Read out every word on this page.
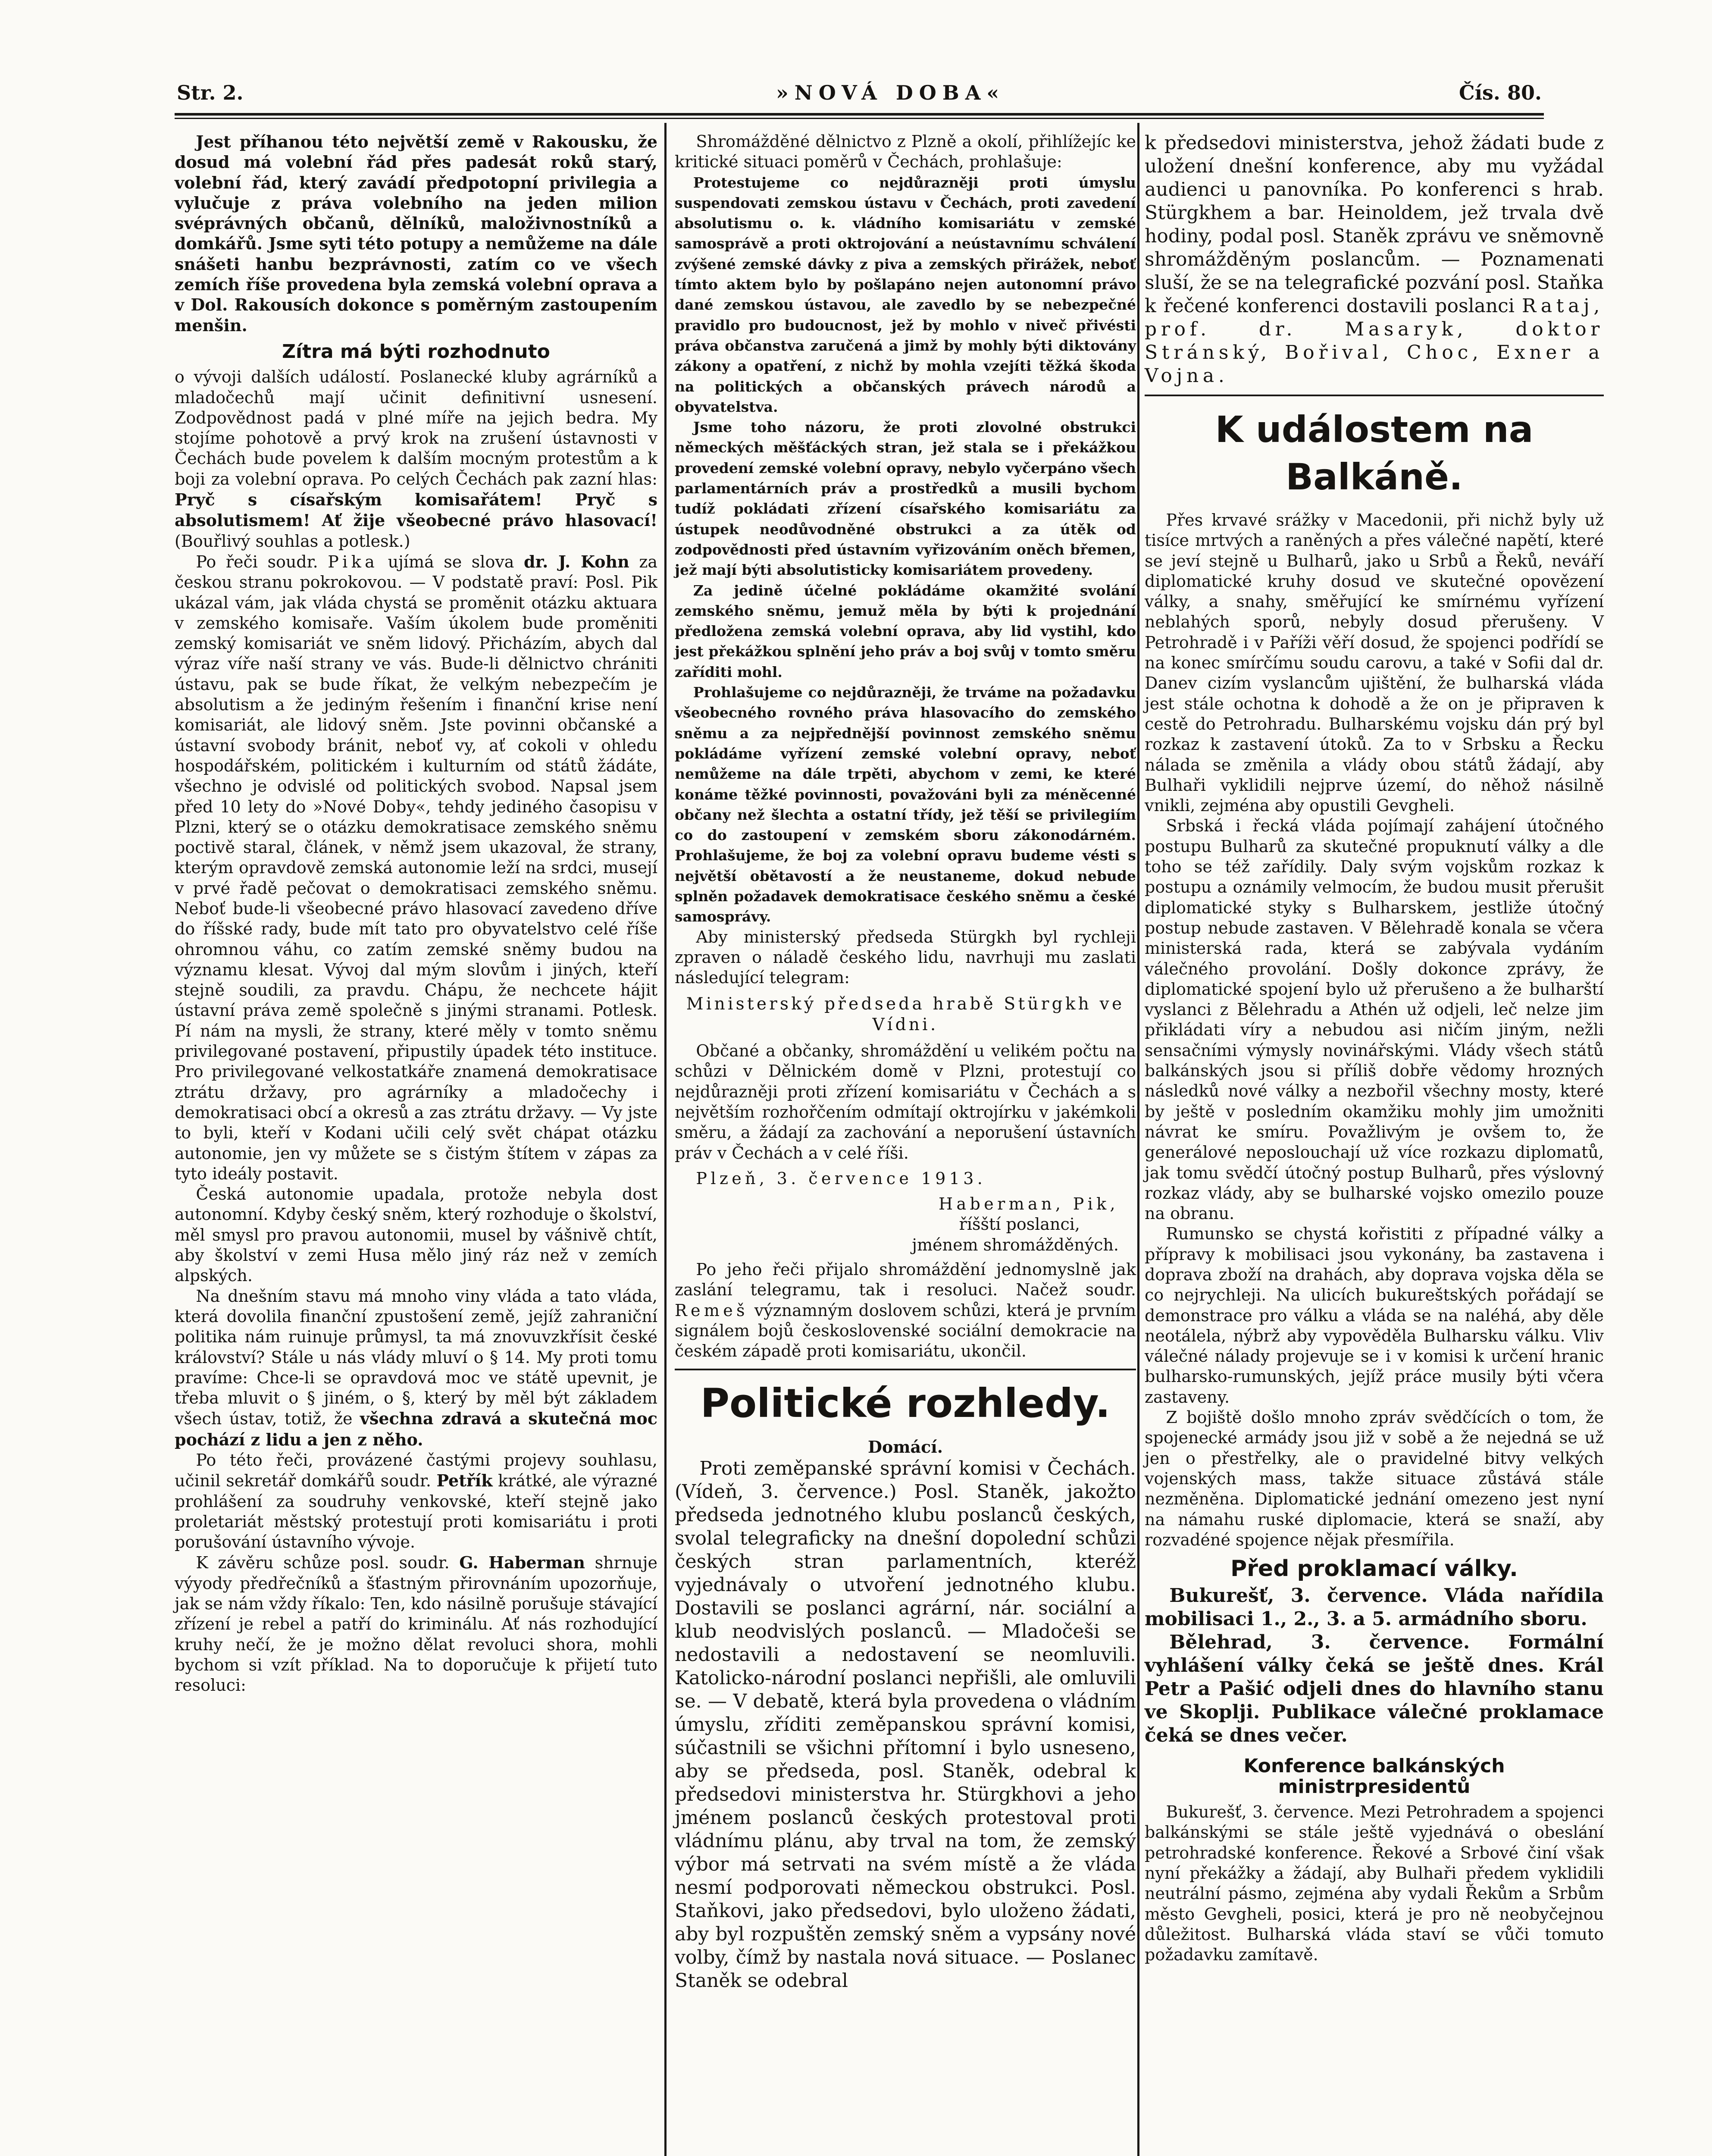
Str. 2.	»NOVÁ DOBA«	Čís. 80.

Jest příhanou této největší země v Rakousku, že dosud má volební řád přes padesát roků starý, volební řád, který zavádí předpotopní privilegia a vylučuje z práva volebního na jeden milion svéprávných občanů, dělníků, maloživnostníků a domkářů. Jsme syti této potupy a nemůžeme na dále snášeti hanbu bezprávnosti, zatím co ve všech zemích říše provedena byla zemská volební oprava a v Dol. Rakousích dokonce s poměrným zastoupením menšin.

Zítra má býti rozhodnuto

o vývoji dalších událostí. Poslanecké kluby agrárníků a mladočechů mají učinit definitivní usnesení. Zodpovědnost padá v plné míře na jejich bedra. My stojíme pohotově a prvý krok na zrušení ústavnosti v Čechách bude povelem k dalším mocným protestům a k boji za volební oprava. Po celých Čechách pak zazní hlas: Pryč s císařským komisařátem! Pryč s absolutismem! Ať žije všeobecné právo hlasovací! (Bouřlivý souhlas a potlesk.)

Po řeči soudr. Pika ujímá se slova dr. J. Kohn za českou stranu pokrokovou. — V podstatě praví: Posl. Pik ukázal vám, jak vláda chystá se proměnit otázku aktuara v zemského komisaře. Vaším úkolem bude proměniti zemský komisariát ve sněm lidový. Přicházím, abych dal výraz víře naší strany ve vás. Bude-li dělnictvo chrániti ústavu, pak se bude říkat, že velkým nebezpečím je absolutism a že jediným řešením i finanční krise není komisariát, ale lidový sněm. Jste povinni občanské a ústavní svobody bránit, neboť vy, ať cokoli v ohledu hospodářském, politickém i kulturním od států žádáte, všechno je odvislé od politických svobod. Napsal jsem před 10 lety do »Nové Doby«, tehdy jediného časopisu v Plzni, který se o otázku demokratisace zemského sněmu poctivě staral, článek, v němž jsem ukazoval, že strany, kterým opravdově zemská autonomie leží na srdci, musejí v prvé řadě pečovat o demokratisaci zemského sněmu. Neboť bude-li všeobecné právo hlasovací zavedeno dříve do říšské rady, bude mít tato pro obyvatelstvo celé říše ohromnou váhu, co zatím zemské sněmy budou na významu klesat. Vývoj dal mým slovům i jiných, kteří stejně soudili, za pravdu. Chápu, že nechcete hájit ústavní práva země společně s jinými stranami. Potlesk. Pí nám na mysli, že strany, které měly v tomto sněmu privilegované postavení, připustily úpadek této instituce. Pro privilegované velkostatkáře znamená demokratisace ztrátu državy, pro agrárníky a mladočechy i demokratisaci obcí a okresů a zas ztrátu državy. — Vy jste to byli, kteří v Kodani učili celý svět chápat otázku autonomie, jen vy můžete se s čistým štítem v zápas za tyto ideály postavit.

Česká autonomie upadala, protože nebyla dost autonomní. Kdyby český sněm, který rozhoduje o školství, měl smysl pro pravou autonomii, musel by vášnivě chtít, aby školství v zemi Husa mělo jiný ráz než v zemích alpských.

Na dnešním stavu má mnoho viny vláda a tato vláda, která dovolila finanční zpustošení země, jejíž zahraniční politika nám ruinuje průmysl, ta má znovuvzkřísit české království? Stále u nás vlády mluví o § 14. My proti tomu pravíme: Chce-li se opravdová moc ve státě upevnit, je třeba mluvit o § jiném, o §, který by měl být základem všech ústav, totiž, že všechna zdravá a skutečná moc pochází z lidu a jen z něho.

Po této řeči, provázené častými projevy souhlasu, učinil sekretář domkářů soudr. Petřík krátké, ale výrazné prohlášení za soudruhy venkovské, kteří stejně jako proletariát městský protestují proti komisariátu i proti porušování ústavního vývoje.

K závěru schůze posl. soudr. G. Haberman shrnuje výyody předřečníků a šťastným přirovnáním upozorňuje, jak se nám vždy říkalo: Ten, kdo násilně porušuje stávající zřízení je rebel a patří do kriminálu. Ať nás rozhodující kruhy nečí, že je možno dělat revoluci shora, mohli bychom si vzít příklad. Na to doporučuje k přijetí tuto resoluci:

Shromážděné dělnictvo z Plzně a okolí, přihlížejíc ke kritické situaci poměrů v Čechách, prohlašuje:

Protestujeme co nejdůrazněji proti úmyslu suspendovati zemskou ústavu v Čechách, proti zavedení absolutismu o. k. vládního komisariátu v zemské samosprávě a proti oktrojování a neústavnímu schválení zvýšené zemské dávky z piva a zemských přirážek, neboť tímto aktem bylo by pošlapáno nejen autonomní právo dané zemskou ústavou, ale zavedlo by se nebezpečné pravidlo pro budoucnost, jež by mohlo v niveč přivésti práva občanstva zaručená a jimž by mohly býti diktovány zákony a opatření, z nichž by mohla vzejíti těžká škoda na politických a občanských právech národů a obyvatelstva.

Jsme toho názoru, že proti zlovolné obstrukci německých měšťáckých stran, jež stala se i překážkou provedení zemské volební opravy, nebylo vyčerpáno všech parlamentárních práv a prostředků a musili bychom tudíž pokládati zřízení císařského komisariátu za ústupek neodůvodněné obstrukci a za útěk od zodpovědnosti před ústavním vyřizováním oněch břemen, jež mají býti absolutisticky komisariátem provedeny.

Za jedině účelné pokládáme okamžité svolání zemského sněmu, jemuž měla by býti k projednání předložena zemská volební oprava, aby lid vystihl, kdo jest překážkou splnění jeho práv a boj svůj v tomto směru zaříditi mohl.

Prohlašujeme co nejdůrazněji, že trváme na požadavku všeobecného rovného práva hlasovacího do zemského sněmu a za nejpřednější povinnost zemského sněmu pokládáme vyřízení zemské volební opravy, neboť nemůžeme na dále trpěti, abychom v zemi, ke které konáme těžké povinnosti, považováni byli za méněcenné občany než šlechta a ostatní třídy, jež těší se privilegiím co do zastoupení v zemském sboru zákonodárném. Prohlašujeme, že boj za volební opravu budeme vésti s největší obětavostí a že neustaneme, dokud nebude splněn požadavek demokratisace českého sněmu a české samosprávy.

Aby ministerský předseda Stürgkh byl rychleji zpraven o náladě českého lidu, navrhuji mu zaslati následující telegram:

Ministerský předseda hrabě Stürgkh ve Vídni.

Občané a občanky, shromáždění u velikém počtu na schůzi v Dělnickém domě v Plzni, protestují co nejdůrazněji proti zřízení komisariátu v Čechách a s největším rozhořčením odmítají oktrojírku v jakémkoli směru, a žádají za zachování a neporušení ústavních práv v Čechách a v celé říši.

Plzeň, 3. července 1913.

Haberman, Pik,

říšští poslanci,

jménem shromážděných.

Po jeho řeči přijalo shromáždění jednomyslně jak zaslání telegramu, tak i resoluci. Načež soudr. Remeš významným doslovem schůzi, která je prvním signálem bojů československé sociální demokracie na českém západě proti komisariátu, ukončil.

Politické rozhledy.

Domácí.

Proti zeměpanské správní komisi v Čechách. (Vídeň, 3. července.) Posl. Staněk, jakožto předseda jednotného klubu poslanců českých, svolal telegraficky na dnešní dopolední schůzi českých stran parlamentních, kteréž vyjednávaly o utvoření jednotného klubu. Dostavili se poslanci agrární, nár. sociální a klub neodvislých poslanců. — Mladočeši se nedostavili a nedostavení se neomluvili. Katolicko-národní poslanci nepřišli, ale omluvili se. — V debatě, která byla provedena o vládním úmyslu, zříditi zeměpanskou správní komisi, súčastnili se všichni přítomní i bylo usneseno, aby se předseda, posl. Staněk, odebral k předsedovi ministerstva hr. Stürgkhovi a jeho jménem poslanců českých protestoval proti vládnímu plánu, aby trval na tom, že zemský výbor má setrvati na svém místě a že vláda nesmí podporovati německou obstrukci. Posl. Staňkovi, jako předsedovi, bylo uloženo žádati, aby byl rozpuštěn zemský sněm a vypsány nové volby, čímž by nastala nová situace. — Poslanec Staněk se odebral

k předsedovi ministerstva, jehož žádati bude z uložení dnešní konference, aby mu vyžádal audienci u panovníka. Po konferenci s hrab. Stürgkhem a bar. Heinoldem, jež trvala dvě hodiny, podal posl. Staněk zprávu ve sněmovně shromážděným poslancům. — Poznamenati sluší, že se na telegrafické pozvání posl. Staňka k řečené konferenci dostavili poslanci Rataj, prof. dr. Masaryk, doktor Stránský, Bořival, Choc, Exner a Vojna.

K událostem na Balkáně.

Přes krvavé srážky v Macedonii, při nichž byly už tisíce mrtvých a raněných a přes válečné napětí, které se jeví stejně u Bulharů, jako u Srbů a Řeků, neváří diplomatické kruhy dosud ve skutečné opovězení války, a snahy, směřující ke smírnému vyřízení neblahých sporů, nebyly dosud přerušeny. V Petrohradě i v Paříži věří dosud, že spojenci podřídí se na konec smírčímu soudu carovu, a také v Sofii dal dr. Danev cizím vyslancům ujištění, že bulharská vláda jest stále ochotna k dohodě a že on je připraven k cestě do Petrohradu. Bulharskému vojsku dán prý byl rozkaz k zastavení útoků. Za to v Srbsku a Řecku nálada se změnila a vlády obou států žádají, aby Bulhaři vyklidili nejprve území, do něhož násilně vnikli, zejména aby opustili Gevgheli.

Srbská i řecká vláda pojímají zahájení útočného postupu Bulharů za skutečné propuknutí války a dle toho se též zařídily. Daly svým vojskům rozkaz k postupu a oznámily velmocím, že budou musit přerušit diplomatické styky s Bulharskem, jestliže útočný postup nebude zastaven. V Bělehradě konala se včera ministerská rada, která se zabývala vydáním válečného provolání. Došly dokonce zprávy, že diplomatické spojení bylo už přerušeno a že bulharští vyslanci z Bělehradu a Athén už odjeli, leč nelze jim přikládati víry a nebudou asi ničím jiným, nežli sensačními výmysly novinářskými. Vlády všech států balkánských jsou si příliš dobře vědomy hrozných následků nové války a nezbořil všechny mosty, které by ještě v posledním okamžiku mohly jim umožniti návrat ke smíru. Považlivým je ovšem to, že generálové neposlouchají už více rozkazu diplomatů, jak tomu svědčí útočný postup Bulharů, přes výslovný rozkaz vlády, aby se bulharské vojsko omezilo pouze na obranu.

Rumunsko se chystá kořistiti z případné války a přípravy k mobilisaci jsou vykonány, ba zastavena i doprava zboží na drahách, aby doprava vojska děla se co nejrychleji. Na ulicích bukureštských pořádají se demonstrace pro válku a vláda se na naléhá, aby děle neotálela, nýbrž aby vypověděla Bulharsku válku. Vliv válečné nálady projevuje se i v komisi k určení hranic bulharsko-rumunských, jejíž práce musily býti včera zastaveny.

Z bojiště došlo mnoho zpráv svědčících o tom, že spojenecké armády jsou již v sobě a že nejedná se už jen o přestřelky, ale o pravidelné bitvy velkých vojenských mass, takže situace zůstává stále nezměněna. Diplomatické jednání omezeno jest nyní na námahu ruské diplomacie, která se snaží, aby rozvadéné spojence nějak přesmířila.

Před proklamací války.

Bukurešť, 3. července. Vláda nařídila mobilisaci 1., 2., 3. a 5. armádního sboru.

Bělehrad, 3. července. Formální vyhlášení války čeká se ještě dnes. Král Petr a Pašić odjeli dnes do hlavního stanu ve Skoplji. Publikace válečné proklamace čeká se dnes večer.

Konference balkánských ministrpresidentů

Bukurešť, 3. července. Mezi Petrohradem a spojenci balkánskými se stále ještě vyjednává o obeslání petrohradské konference. Řekové a Srbové činí však nyní překážky a žádají, aby Bulhaři předem vyklidili neutrální pásmo, zejména aby vydali Řekům a Srbům město Gevgheli, posici, která je pro ně neobyčejnou důležitost. Bulharská vláda staví se vůči tomuto požadavku zamítavě.
